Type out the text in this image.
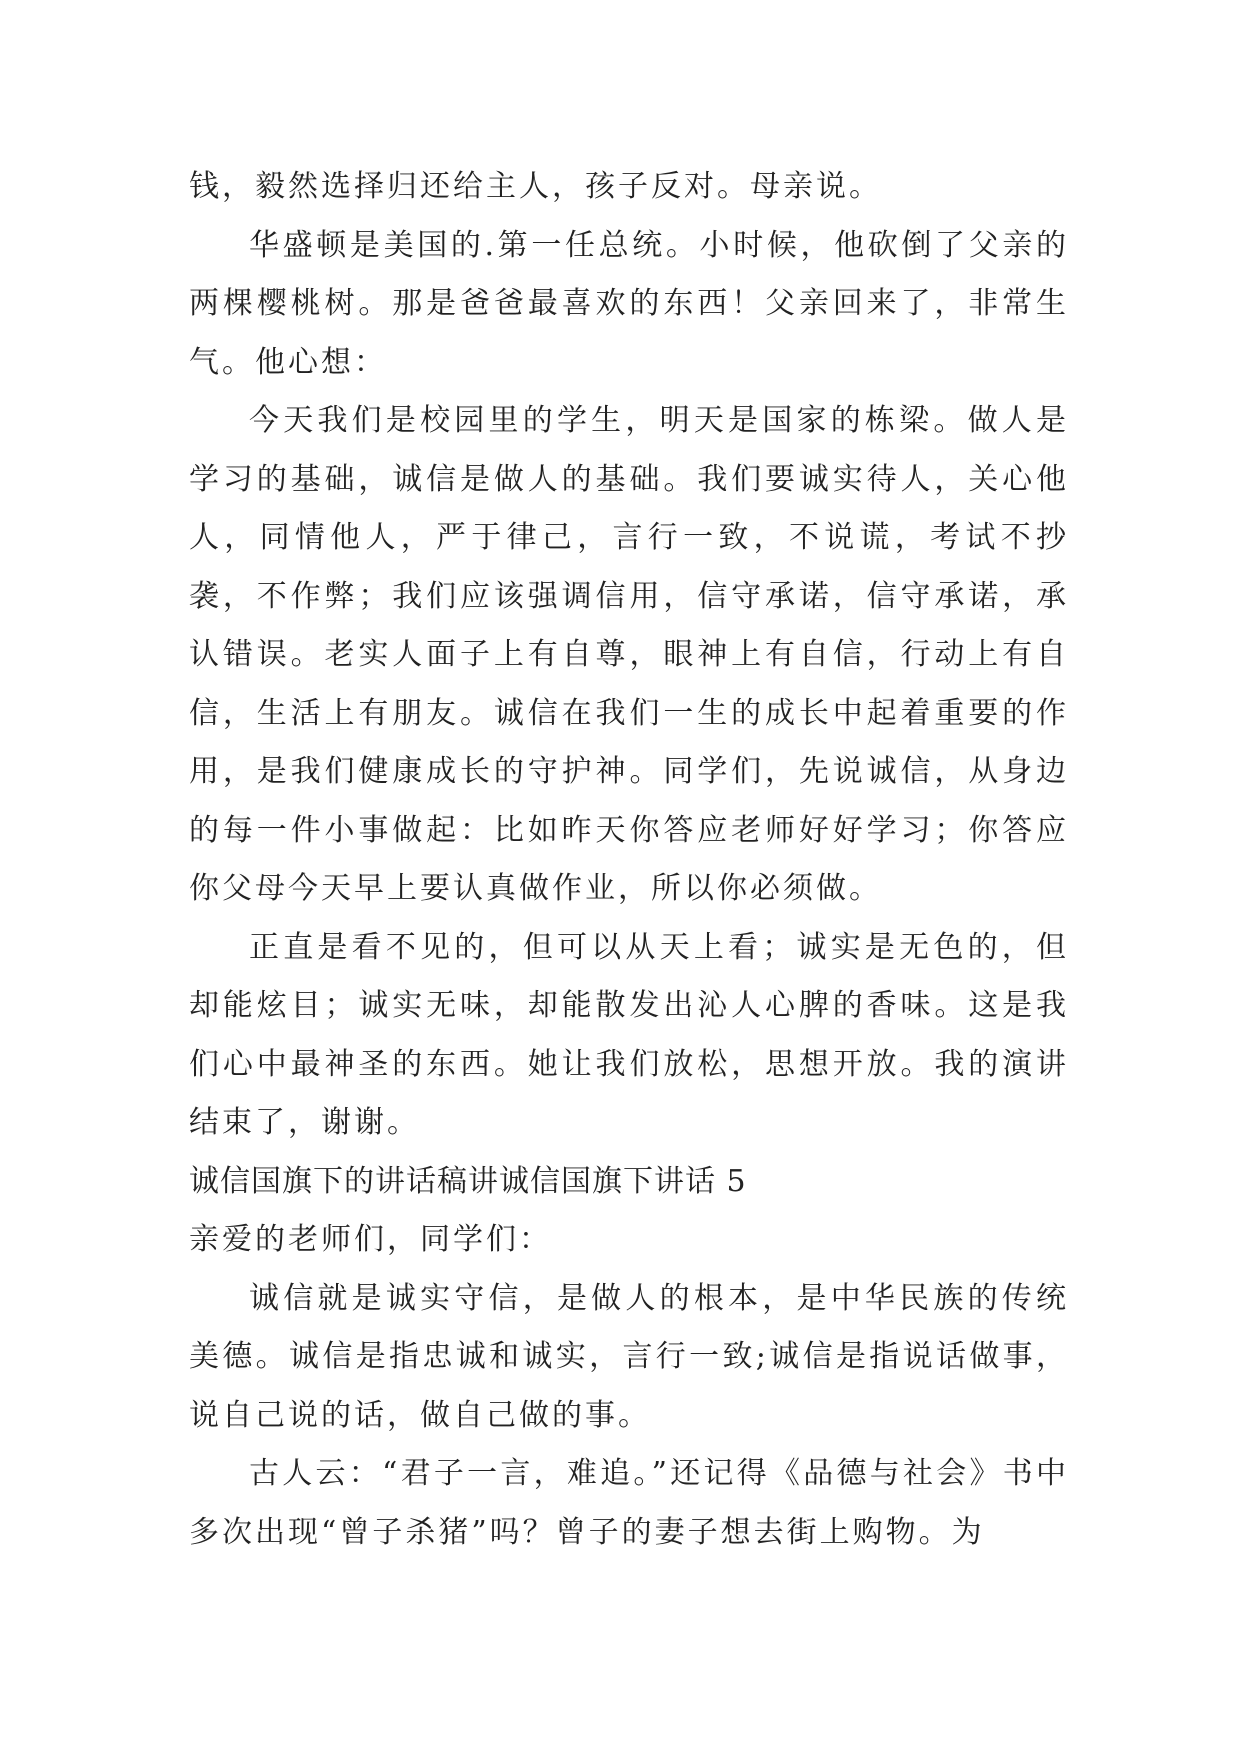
钱，毅然选择归还给主人，孩子反对。母亲说。

华盛顿是美国的.第一任总统。小时候，他砍倒了父亲的两棵樱桃树。那是爸爸最喜欢的东西！父亲回来了，非常生气。他心想：

今天我们是校园里的学生，明天是国家的栋梁。做人是学习的基础，诚信是做人的基础。我们要诚实待人，关心他人，同情他人，严于律己，言行一致，不说谎，考试不抄袭，不作弊；我们应该强调信用，信守承诺，信守承诺，承认错误。老实人面子上有自尊，眼神上有自信，行动上有自信，生活上有朋友。诚信在我们一生的成长中起着重要的作用，是我们健康成长的守护神。同学们，先说诚信，从身边的每一件小事做起：比如昨天你答应老师好好学习；你答应你父母今天早上要认真做作业，所以你必须做。

正直是看不见的，但可以从天上看；诚实是无色的，但却能炫目；诚实无味，却能散发出沁人心脾的香味。这是我们心中最神圣的东西。她让我们放松，思想开放。我的演讲结束了，谢谢。

诚信国旗下的讲话稿讲诚信国旗下讲话 5

亲爱的老师们，同学们：

诚信就是诚实守信，是做人的根本，是中华民族的传统美德。诚信是指忠诚和诚实，言行一致;诚信是指说话做事，说自己说的话，做自己做的事。

古人云：“君子一言，难追。”还记得《品德与社会》书中多次出现“曾子杀猪”吗？曾子的妻子想去街上购物。为
